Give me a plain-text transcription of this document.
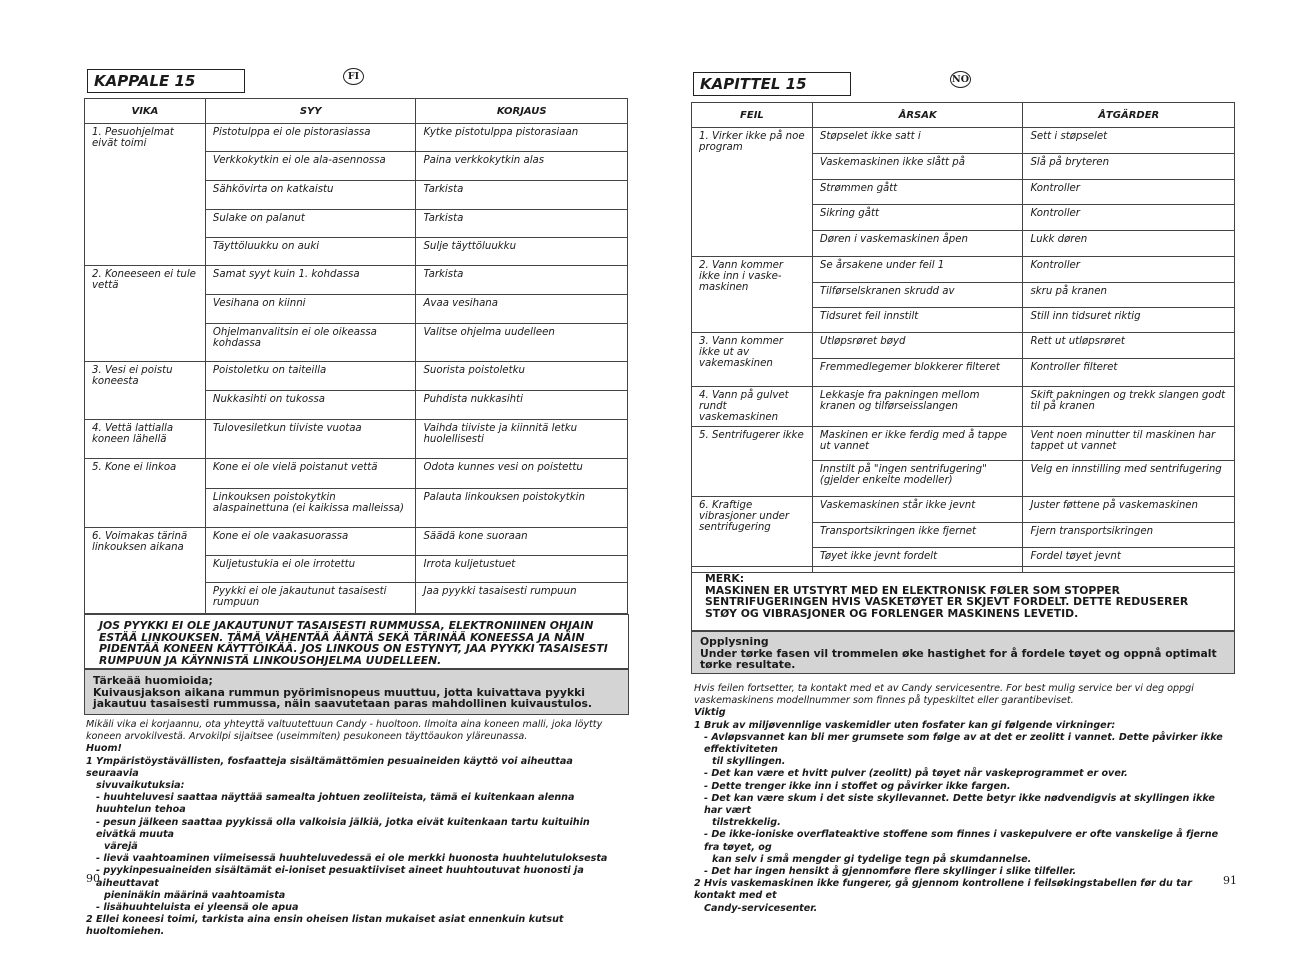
KAPPALE 15	FI
VIKA	SYY	KORJAUS
1. Pesuohjelmat eivät toimi	Pistotulppa ei ole pistorasiassa	Kytke pistotulppa pistorasiaan
	Verkkokytkin ei ole ala-asennossa	Paina verkkokytkin alas
	Sähkövirta on katkaistu	Tarkista
	Sulake on palanut	Tarkista
	Täyttöluukku on auki	Sulje täyttöluukku
2. Koneeseen ei tule vettä	Samat syyt kuin 1. kohdassa	Tarkista
	Vesihana on kiinni	Avaa vesihana
	Ohjelmanvalitsin ei ole oikeassa kohdassa	Valitse ohjelma uudelleen
3. Vesi ei poistu koneesta	Poistoletku on taiteilla	Suorista poistoletku
	Nukkasihti on tukossa	Puhdista nukkasihti
4. Vettä lattialla koneen lähellä	Tulovesiletkun tiiviste vuotaa	Vaihda tiiviste ja kiinnitä letku huolellisesti
5. Kone ei linkoa	Kone ei ole vielä poistanut vettä	Odota kunnes vesi on poistettu
	Linkouksen poistokytkin alaspainettuna (ei kaikissa malleissa)	Palauta linkouksen poistokytkin
6. Voimakas tärinä linkouksen aikana	Kone ei ole vaakasuorassa	Säädä kone suoraan
	Kuljetustukia ei ole irrotettu	Irrota kuljetustuet
	Pyykki ei ole jakautunut tasaisesti rumpuun	Jaa pyykki tasaisesti rumpuun
JOS PYYKKI EI OLE JAKAUTUNUT TASAISESTI RUMMUSSA, ELEKTRONIINEN OHJAIN ESTÄÄ LINKOUKSEN. TÄMÄ VÄHENTÄÄ ÄÄNTÄ SEKÄ TÄRINÄÄ KONEESSA JA NÄIN PIDENTÄÄ KONEEN KÄYTTÖIKÄÄ. JOS LINKOUS ON ESTYNYT, JAA PYYKKI TASAISESTI RUMPUUN JA KÄYNNISTÄ LINKOUSOHJELMA UUDELLEEN.
Tärkeää huomioida;
Kuivausjakson aikana rummun pyörimisnopeus muuttuu, jotta kuivattava pyykki jakautuu tasaisesti rummussa, näin saavutetaan paras mahdollinen kuivaustulos.

Mikäli vika ei korjaannu, ota yhteyttä valtuutettuun Candy - huoltoon. Ilmoita aina koneen malli, joka löytty koneen arvokilvestä. Arvokilpi sijaitsee (useimmiten) pesukoneen täyttöaukon yläreunassa.

Huom!

1 Ympäristöystävällisten, fosfaatteja sisältämättömien pesuaineiden käyttö voi aiheuttaa seuraavia

sivuvaikutuksia:

- huuhteluvesi saattaa näyttää samealta johtuen zeoliiteista, tämä ei kuitenkaan alenna huuhtelun tehoa

- pesun jälkeen saattaa pyykissä olla valkoisia jälkiä, jotka eivät kuitenkaan tartu kuituihin eivätkä muuta

värejä

- lievä vaahtoaminen viimeisessä huuhteluvedessä ei ole merkki huonosta huuhtelutuloksesta

- pyykinpesuaineiden sisältämät ei-ioniset pesuaktiiviset aineet huuhtoutuvat huonosti ja aiheuttavat

pieninäkin määrinä vaahtoamista

- lisähuuhteluista ei yleensä ole apua

2 Ellei koneesi toimi, tarkista aina ensin oheisen listan mukaiset asiat ennenkuin kutsut huoltomiehen.

90
KAPITTEL 15	NO
FEIL	ÅRSAK	ÅTGÄRDER
1. Virker ikke på noe program	Støpselet ikke satt i	Sett i støpselet
	Vaskemaskinen ikke slått på	Slå på bryteren
	Strømmen gått	Kontroller
	Sikring gått	Kontroller
	Døren i vaskemaskinen åpen	Lukk døren
2. Vann kommer ikke inn i vaske-maskinen	Se årsakene under feil 1	Kontroller
	Tilførselskranen skrudd av	skru på kranen
	Tidsuret feil innstilt	Still inn tidsuret riktig
3. Vann kommer ikke ut av vakemaskinen	Utløpsrøret bøyd	Rett ut utløpsrøret
	Fremmedlegemer blokkerer filteret	Kontroller filteret
4. Vann på gulvet rundt vaskemaskinen	Lekkasje fra pakningen mellom kranen og tilførseisslangen	Skift pakningen og trekk slangen godt til på kranen
5. Sentrifugerer ikke	Maskinen er ikke ferdig med å tappe ut vannet	Vent noen minutter til maskinen har tappet ut vannet
	Innstilt på "ingen sentrifugering" (gjelder enkelte modeller)	Velg en innstilling med sentrifugering
6. Kraftige vibrasjoner under sentrifugering	Vaskemaskinen står ikke jevnt	Juster føttene på vaskemaskinen
	Transportsikringen ikke fjernet	Fjern transportsikringen
	Tøyet ikke jevnt fordelt	Fordel tøyet jevnt
MERK:
MASKINEN ER UTSTYRT MED EN ELEKTRONISK FØLER SOM STOPPER SENTRIFUGERINGEN HVIS VASKETØYET ER SKJEVT FORDELT. DETTE REDUSERER STØY OG VIBRASJONER OG FORLENGER MASKINENS LEVETID.
Opplysning
Under tørke fasen vil trommelen øke hastighet for å fordele tøyet og oppnå optimalt tørke resultate.

Hvis feilen fortsetter, ta kontakt med et av Candy servicesentre. For best mulig service ber vi deg oppgi vaskemaskinens modellnummer som finnes på typeskiltet eller garantibeviset.

Viktig

1 Bruk av miljøvennlige vaskemidler uten fosfater kan gi følgende virkninger:

- Avløpsvannet kan bli mer grumsete som følge av at det er zeolitt i vannet. Dette påvirker ikke effektiviteten

til skyllingen.

- Det kan være et hvitt pulver (zeolitt) på tøyet når vaskeprogrammet er over.

- Dette trenger ikke inn i stoffet og påvirker ikke fargen.

- Det kan være skum i det siste skyllevannet. Dette betyr ikke nødvendigvis at skyllingen ikke har vært

tilstrekkelig.

- De ikke-ioniske overflateaktive stoffene som finnes i vaskepulvere er ofte vanskelige å fjerne fra tøyet, og

kan selv i små mengder gi tydelige tegn på skumdannelse.

- Det har ingen hensikt å gjennomføre flere skyllinger i slike tilfeller.

2 Hvis vaskemaskinen ikke fungerer, gå gjennom kontrollene i feilsøkingstabellen før du tar kontakt med et

Candy-servicesenter.

91
